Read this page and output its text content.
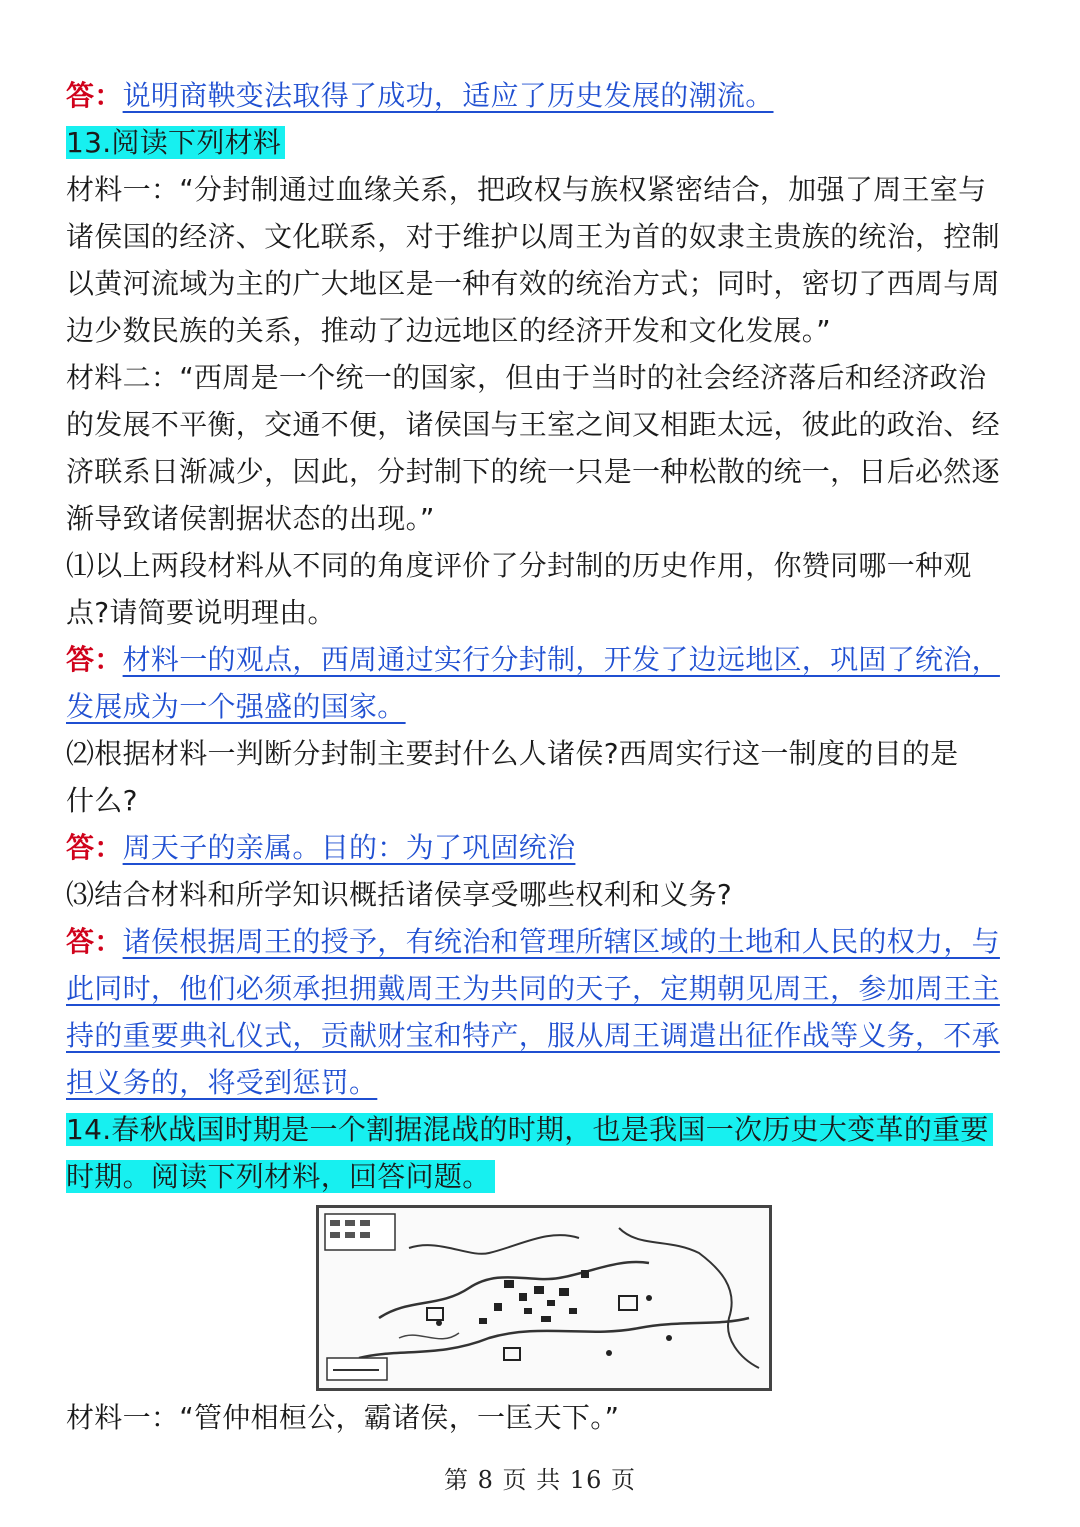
答：说明商鞅变法取得了成功，适应了历史发展的潮流。
13.阅读下列材料
材料一：“分封制通过血缘关系，把政权与族权紧密结合，加强了周王室与
诸侯国的经济、文化联系，对于维护以周王为首的奴隶主贵族的统治，控制
以黄河流域为主的广大地区是一种有效的统治方式；同时，密切了西周与周
边少数民族的关系，推动了边远地区的经济开发和文化发展。”
材料二：“西周是一个统一的国家，但由于当时的社会经济落后和经济政治
的发展不平衡，交通不便，诸侯国与王室之间又相距太远，彼此的政治、经
济联系日渐减少，因此，分封制下的统一只是一种松散的统一，日后必然逐
渐导致诸侯割据状态的出现。”
⑴以上两段材料从不同的角度评价了分封制的历史作用，你赞同哪一种观
点?请简要说明理由。
答：材料一的观点，西周通过实行分封制，开发了边远地区，巩固了统治，
发展成为一个强盛的国家。
⑵根据材料一判断分封制主要封什么人诸侯?西周实行这一制度的目的是
什么?
答：周天子的亲属。目的：为了巩固统治
⑶结合材料和所学知识概括诸侯享受哪些权利和义务?
答：诸侯根据周王的授予，有统治和管理所辖区域的土地和人民的权力，与
此同时，他们必须承担拥戴周王为共同的天子，定期朝见周王，参加周王主
持的重要典礼仪式，贡献财宝和特产，服从周王调遣出征作战等义务，不承
担义务的，将受到惩罚。
14.春秋战国时期是一个割据混战的时期，也是我国一次历史大变革的重要
时期。阅读下列材料，回答问题。
材料一：“管仲相桓公，霸诸侯，一匡天下。”
第 8 页 共 16 页
